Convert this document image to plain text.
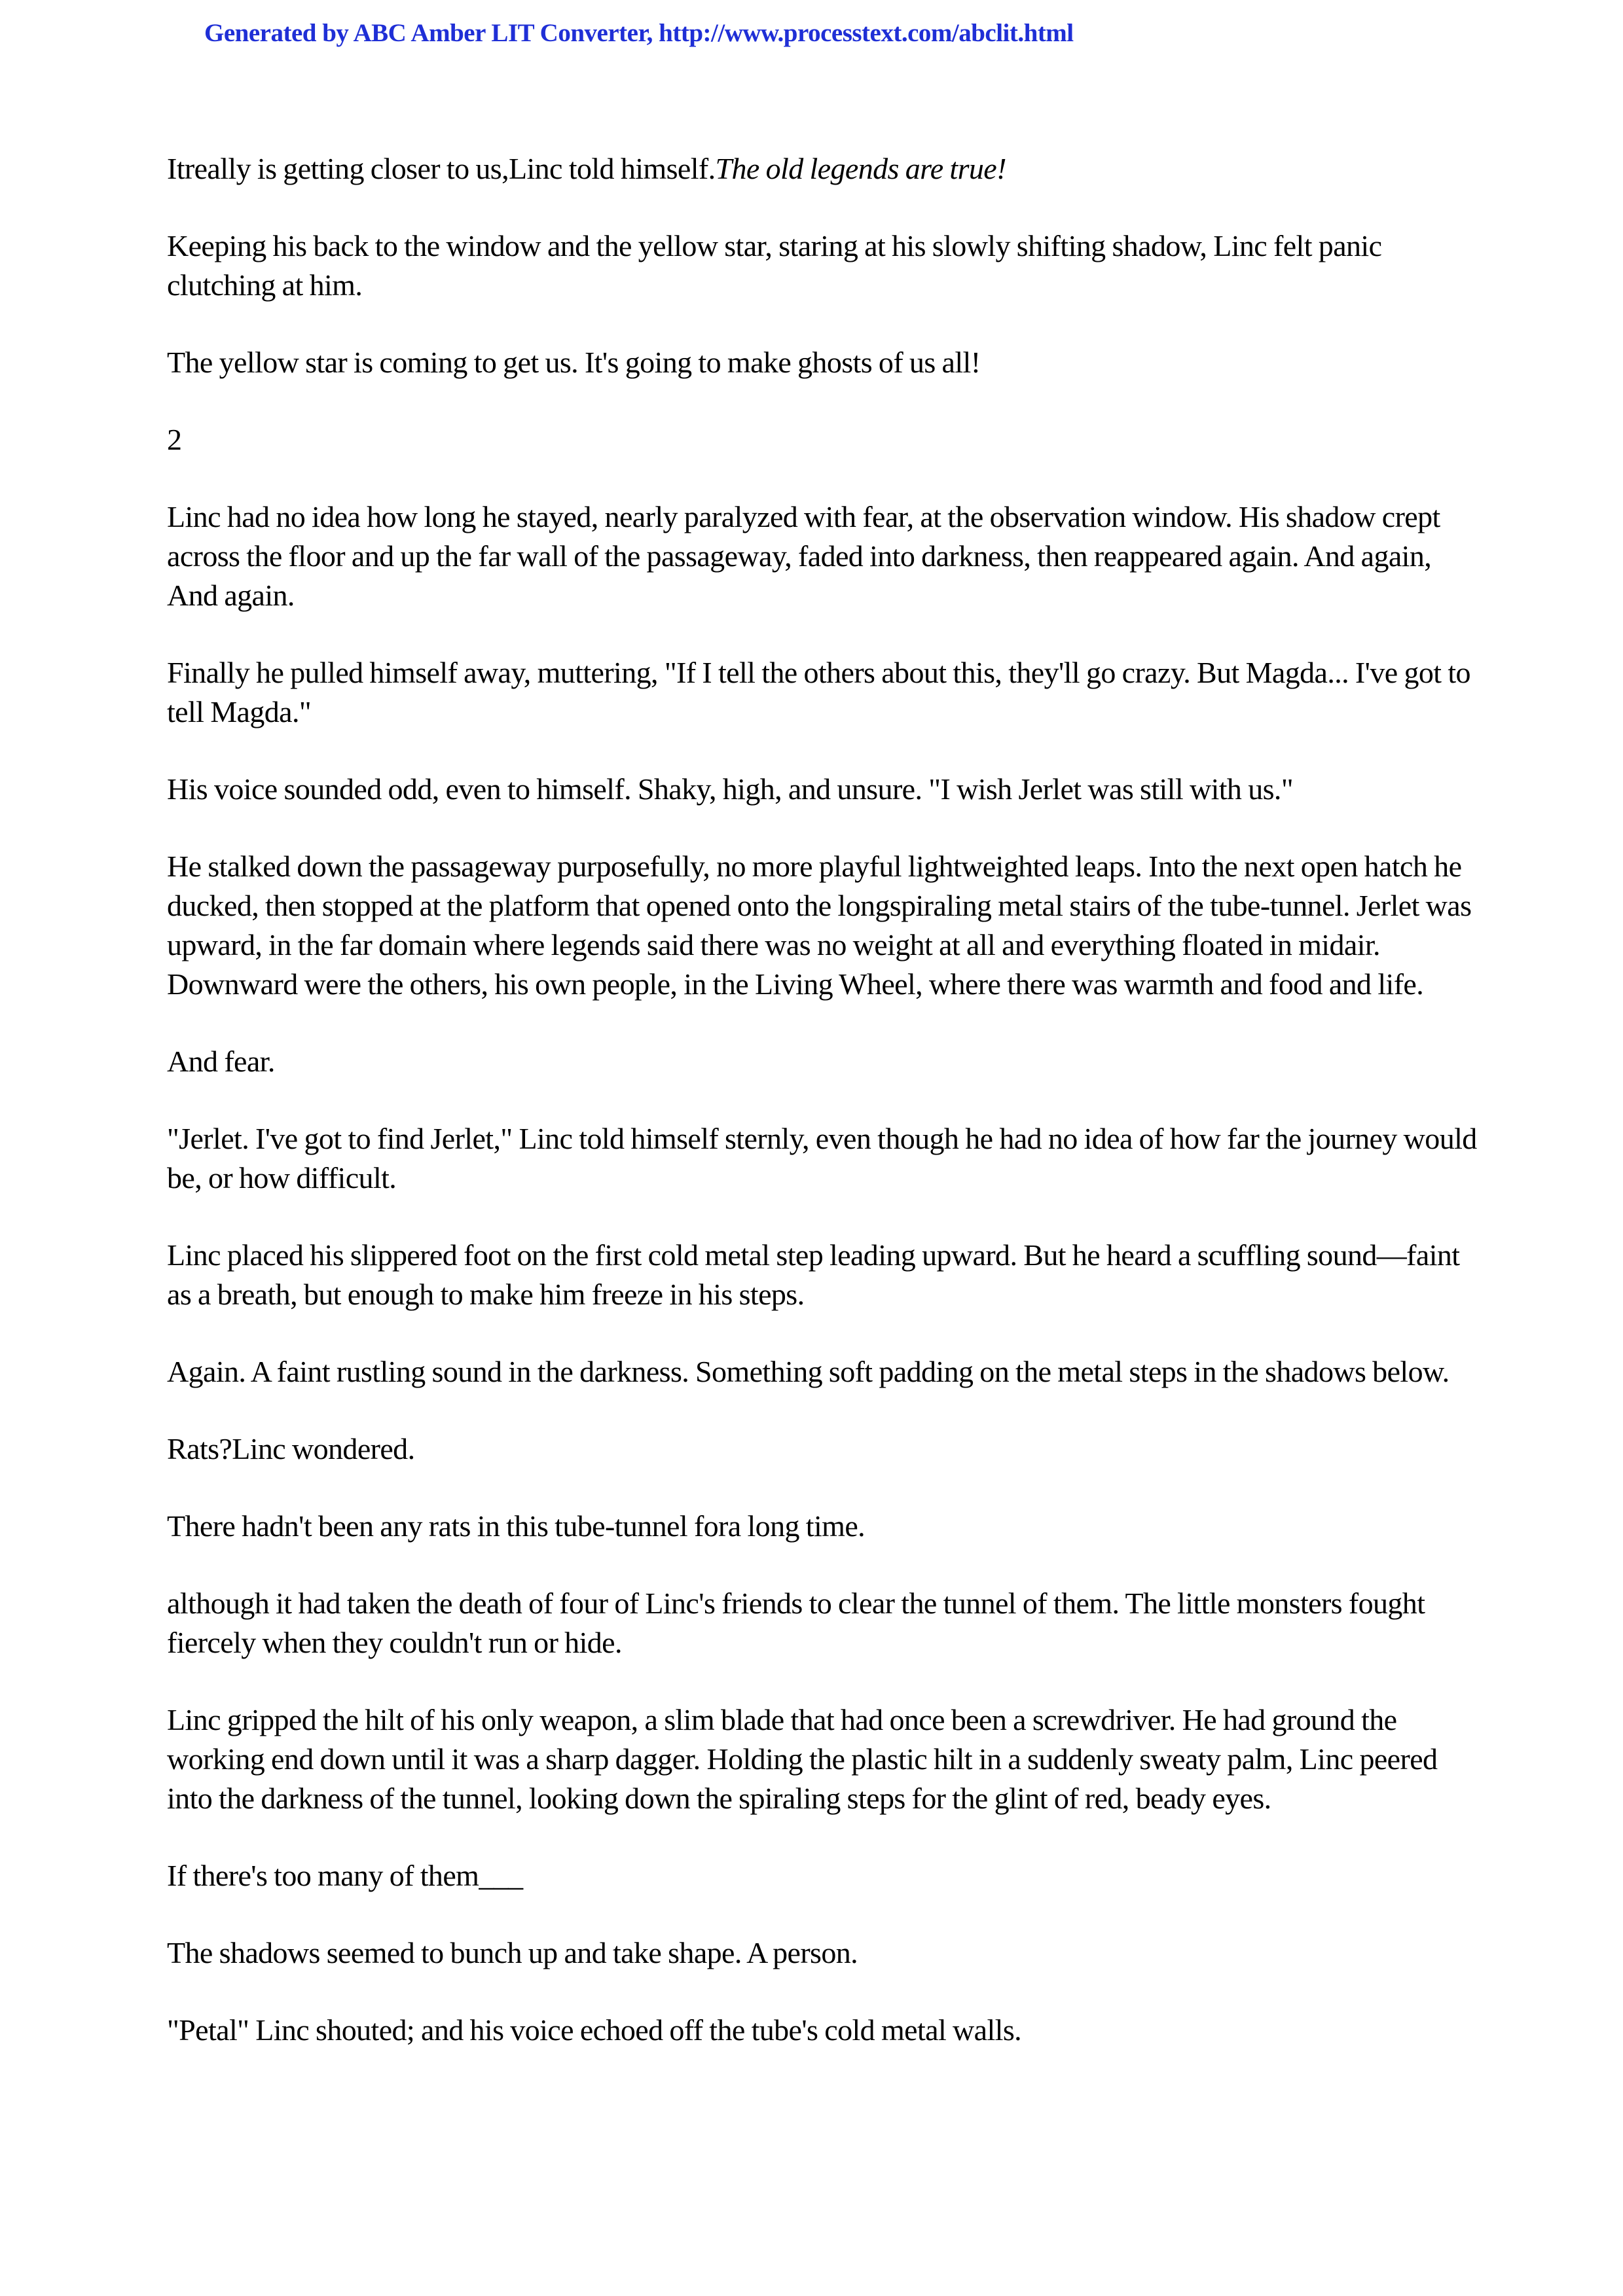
Generated by ABC Amber LIT Converter, http://www.processtext.com/abclit.html

Itreally is getting closer to us,Linc told himself.The old legends are true!

Keeping his back to the window and the yellow star, staring at his slowly shifting shadow, Linc felt panic clutching at him.

The yellow star is coming to get us. It's going to make ghosts of us all!

2

Linc had no idea how long he stayed, nearly paralyzed with fear, at the observation window. His shadow crept across the floor and up the far wall of the passageway, faded into darkness, then reappeared again. And again, And again.

Finally he pulled himself away, muttering, "If I tell the others about this, they'll go crazy. But Magda... I've got to tell Magda."

His voice sounded odd, even to himself. Shaky, high, and unsure. "I wish Jerlet was still with us."

He stalked down the passageway purposefully, no more playful lightweighted leaps. Into the next open hatch he ducked, then stopped at the platform that opened onto the longspiraling metal stairs of the tube-tunnel. Jerlet was upward, in the far domain where legends said there was no weight at all and everything floated in midair. Downward were the others, his own people, in the Living Wheel, where there was warmth and food and life.

And fear.

"Jerlet. I've got to find Jerlet," Linc told himself sternly, even though he had no idea of how far the journey would be, or how difficult.

Linc placed his slippered foot on the first cold metal step leading upward. But he heard a scuffling sound—faint as a breath, but enough to make him freeze in his steps.

Again. A faint rustling sound in the darkness. Something soft padding on the metal steps in the shadows below.

Rats?Linc wondered.

There hadn't been any rats in this tube-tunnel fora long time.

although it had taken the death of four of Linc's friends to clear the tunnel of them. The little monsters fought fiercely when they couldn't run or hide.

Linc gripped the hilt of his only weapon, a slim blade that had once been a screwdriver. He had ground the working end down until it was a sharp dagger. Holding the plastic hilt in a suddenly sweaty palm, Linc peered into the darkness of the tunnel, looking down the spiraling steps for the glint of red, beady eyes.

If there's too many of them___

The shadows seemed to bunch up and take shape. A person.

"Petal" Linc shouted; and his voice echoed off the tube's cold metal walls.
